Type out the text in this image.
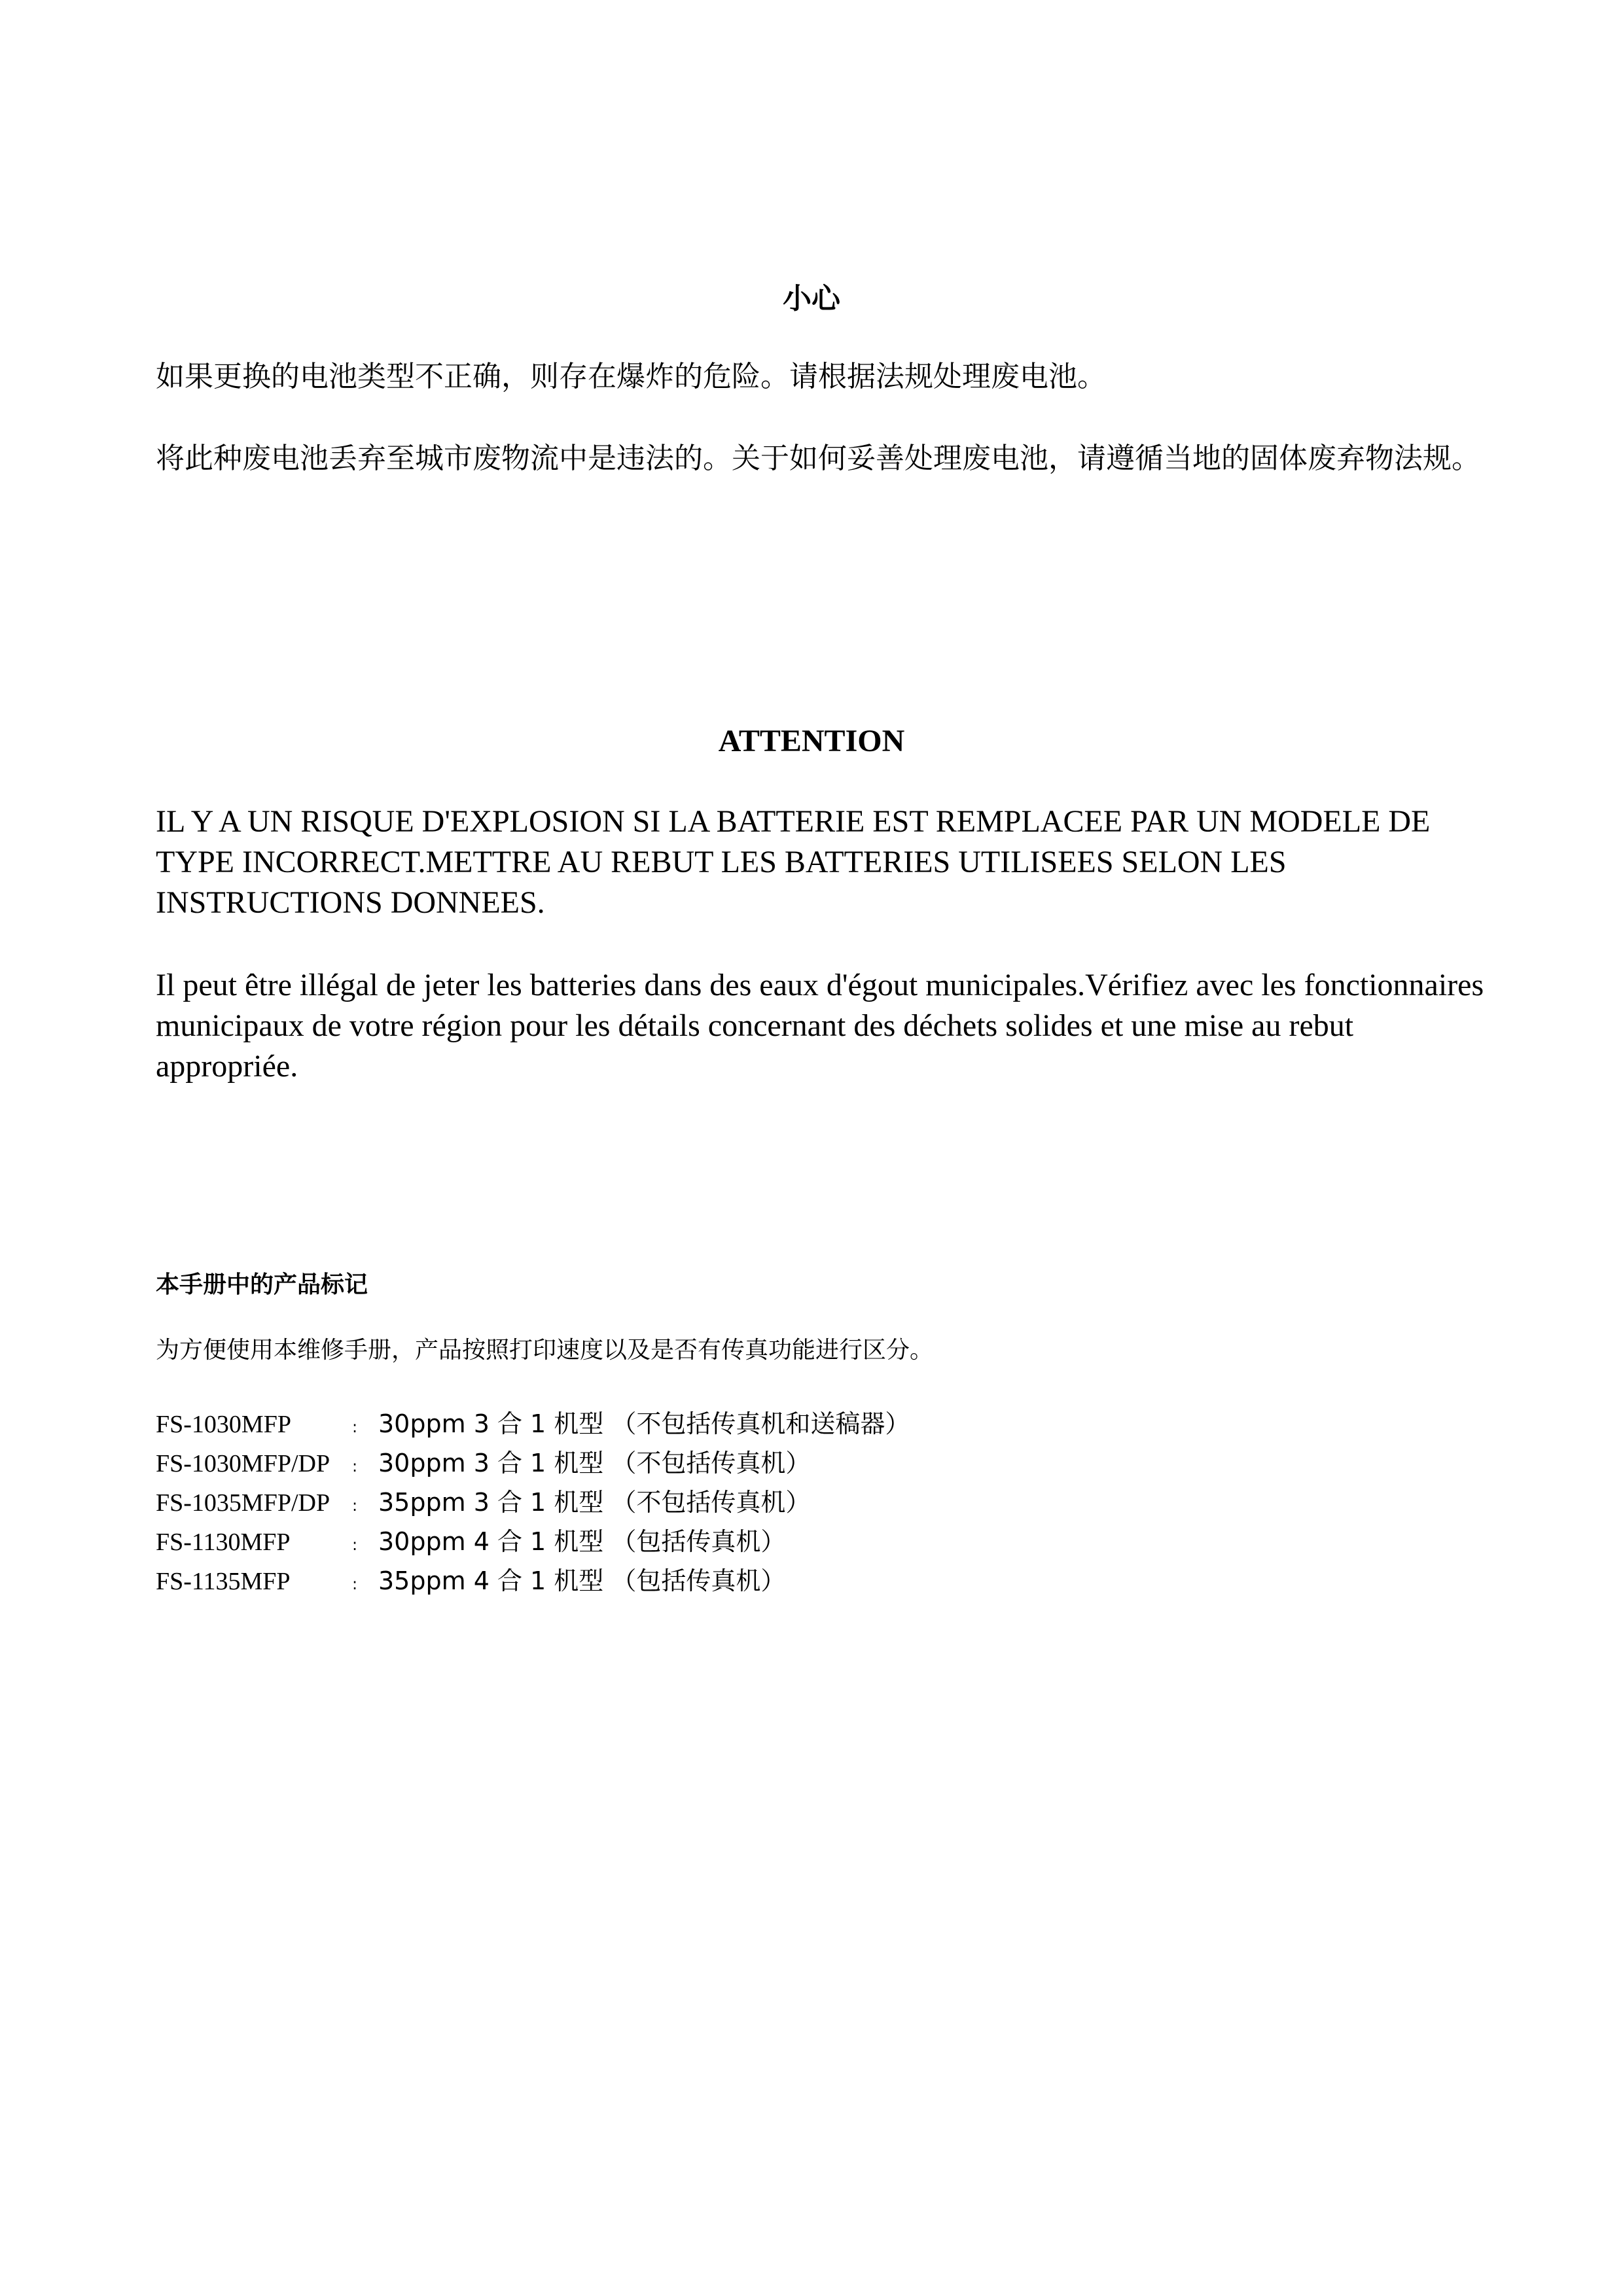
小心

如果更换的电池类型不正确，则存在爆炸的危险。请根据法规处理废电池。

将此种废电池丢弃至城市废物流中是违法的。关于如何妥善处理废电池，请遵循当地的固体废弃物法规。

ATTENTION

IL Y A UN RISQUE D'EXPLOSION SI LA BATTERIE EST REMPLACEE PAR UN MODELE DE TYPE INCORRECT.METTRE AU REBUT LES BATTERIES UTILISEES SELON LES INSTRUCTIONS DONNEES.

Il peut être illégal de jeter les batteries dans des eaux d'égout municipales.Vérifiez avec les fonctionnaires municipaux de votre région pour les détails concernant des déchets solides et une mise au rebut appropriée.

本手册中的产品标记

为方便使用本维修手册，产品按照打印速度以及是否有传真功能进行区分。

FS-1030MFP	: 30ppm 3 合 1 机型 （不包括传真机和送稿器）
FS-1030MFP/DP	: 30ppm 3 合 1 机型 （不包括传真机）
FS-1035MFP/DP	: 35ppm 3 合 1 机型 （不包括传真机）
FS-1130MFP	: 30ppm 4 合 1 机型 （包括传真机）
FS-1135MFP	: 35ppm 4 合 1 机型 （包括传真机）
